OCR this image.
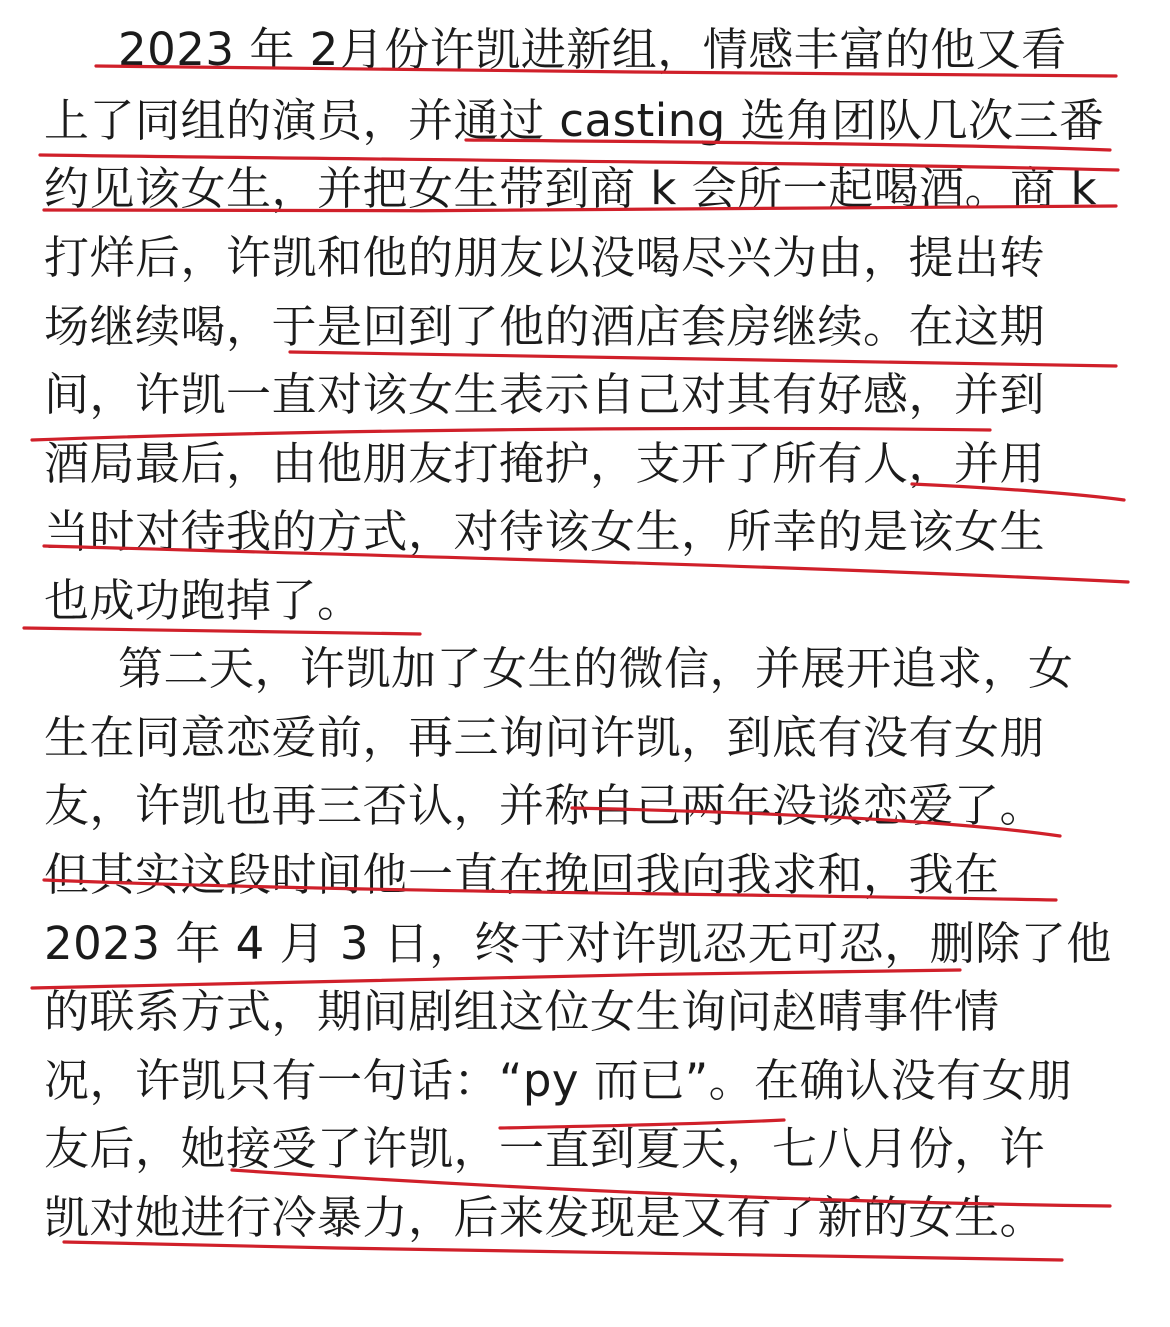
2023 年 2月份许凯进新组，情感丰富的他又看
上了同组的演员，并通过 casting 选角团队几次三番
约见该女生，并把女生带到商 k 会所一起喝酒。商 k
打烊后，许凯和他的朋友以没喝尽兴为由，提出转
场继续喝，于是回到了他的酒店套房继续。在这期
间，许凯一直对该女生表示自己对其有好感，并到
酒局最后，由他朋友打掩护，支开了所有人，并用
当时对待我的方式，对待该女生，所幸的是该女生
也成功跑掉了。
第二天，许凯加了女生的微信，并展开追求，女
生在同意恋爱前，再三询问许凯，到底有没有女朋
友，许凯也再三否认，并称自己两年没谈恋爱了。
但其实这段时间他一直在挽回我向我求和，我在
2023 年 4 月 3 日，终于对许凯忍无可忍，删除了他
的联系方式，期间剧组这位女生询问赵晴事件情
况，许凯只有一句话：“py 而已”。在确认没有女朋
友后，她接受了许凯，一直到夏天，七八月份，许
凯对她进行冷暴力，后来发现是又有了新的女生。
